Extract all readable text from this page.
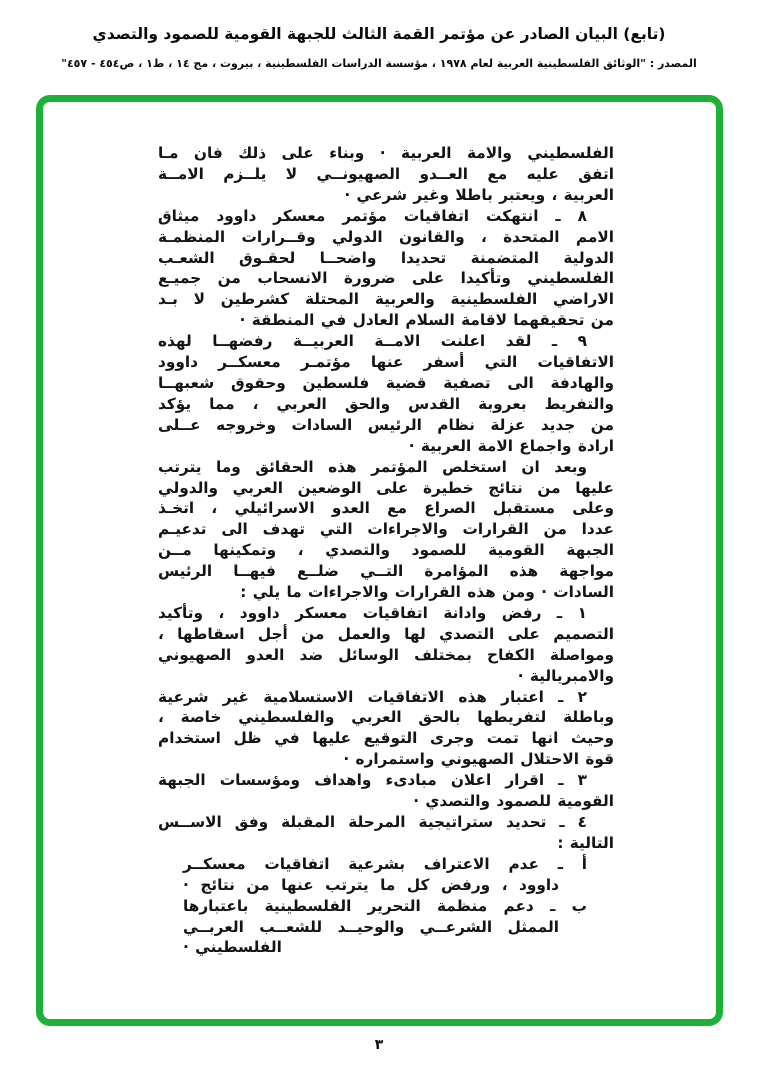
(تابع) البيان الصادر عن مؤتمر القمة الثالث للجبهة القومية للصمود والتصدي
المصدر : "الوثائق الفلسطينية العربية لعام ١٩٧٨ ، مؤسسة الدراسات الفلسطينية ، بيروت ، مج ١٤ ، ط١ ، ص٤٥٤ - ٤٥٧"
الفلسطيني والامة العربية · وبناء على ذلك فان مـا
اتفق عليه مع العــدو الصهيونــي لا يلــزم الامــة
العربية ، ويعتبر باطلا وغير شرعي ·
٨ ـ انتهكت اتفاقيات مؤتمر معسكر داوود ميثاق
الامم المتحدة ، والقانون الدولي وقــرارات المنظمـة
الدولية المتضمنة تحديدا واضحــا لحقـوق الشعـب
الفلسطيني وتأكيدا على ضرورة الانسحاب من جميـع
الاراضي الفلسطينية والعربية المحتلة كشرطين لا بـد
من تحقيقهما لاقامة السلام العادل في المنطقة ·
٩ ـ لقد اعلنت الامــة العربيــة رفضهــا لهذه
الاتفاقيات التي أسفر عنها مؤتمـر معسكــر داوود
والهادفة الى تصفية قضية فلسطين وحقوق شعبهــا
والتفريط بعروبة القدس والحق العربي ، مما يؤكد
من جديد عزلة نظام الرئيس السادات وخروجه عــلى
ارادة واجماع الامة العربية ·
وبعد ان استخلص المؤتمر هذه الحقائق وما يترتب
عليها من نتائج خطيرة على الوضعين العربي والدولي
وعلى مستقبل الصراع مع العدو الاسرائيلي ، اتخـذ
عددا من القرارات والاجراءات التي تهدف الى تدعيـم
الجبهة القومية للصمود والتصدي ، وتمكينها مــن
مواجهة هذه المؤامرة التــي ضلــع فيهــا الرئيس
السادات · ومن هذه القرارات والاجراءات ما يلي :
١ ـ رفض وادانة اتفاقيات معسكر داوود ، وتأكيد
التصميم على التصدي لها والعمل من أجل اسقاطها ،
ومواصلة الكفاح بمختلف الوسائل ضد العدو الصهيوني
والامبريالية ·
٢ ـ اعتبار هذه الاتفاقيات الاستسلامية غير شرعية
وباطلة لتفريطها بالحق العربي والفلسطيني خاصة ،
وحيث انها تمت وجرى التوقيع عليها في ظل استخدام
قوة الاحتلال الصهيوني واستمراره ·
٣ ـ اقرار اعلان مبادىء واهداف ومؤسسات الجبهة
القومية للصمود والتصدي ·
٤ ـ تحديد ستراتيجية المرحلة المقبلة وفق الاســس
التالية :
أ ـ عدم الاعتراف بشرعية اتفاقيات معسكــر
داوود ، ورفض كل ما يترتب عنها من نتائج ·
ب ـ دعم منظمة التحرير الفلسطينية باعتبارها
الممثل الشرعــي والوحيــد للشعــب العربــي
الفلسطيني ·
٣
